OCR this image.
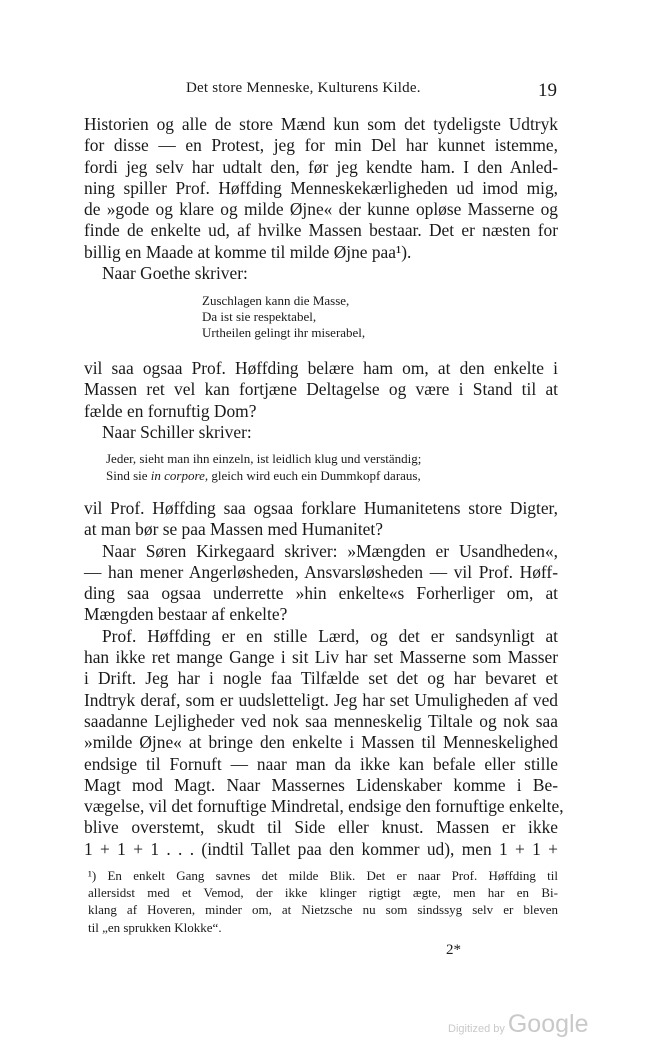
Det store Menneske, Kulturens Kilde.	19
Historien og alle de store Mænd kun som det tydeligste Udtryk
for disse — en Protest, jeg for min Del har kunnet istemme,
fordi jeg selv har udtalt den, før jeg kendte ham. I den Anled-
ning spiller Prof. Høffding Menneskekærligheden ud imod mig,
de »gode og klare og milde Øjne« der kunne opløse Masserne og
finde de enkelte ud, af hvilke Massen bestaar. Det er næsten for
billig en Maade at komme til milde Øjne paa¹).
Naar Goethe skriver:
Zuschlagen kann die Masse,
Da ist sie respektabel,
Urtheilen gelingt ihr miserabel,
vil saa ogsaa Prof. Høffding belære ham om, at den enkelte i
Massen ret vel kan fortjæne Deltagelse og være i Stand til at
fælde en fornuftig Dom?
Naar Schiller skriver:
Jeder, sieht man ihn einzeln, ist leidlich klug und verständig;
Sind sie in corpore, gleich wird euch ein Dummkopf daraus,
vil Prof. Høffding saa ogsaa forklare Humanitetens store Digter,
at man bør se paa Massen med Humanitet?
Naar Søren Kirkegaard skriver: »Mængden er Usandheden«,
— han mener Angerløsheden, Ansvarsløsheden — vil Prof. Høff-
ding saa ogsaa underrette »hin enkelte«s Forherliger om, at
Mængden bestaar af enkelte?
Prof. Høffding er en stille Lærd, og det er sandsynligt at
han ikke ret mange Gange i sit Liv har set Masserne som Masser
i Drift. Jeg har i nogle faa Tilfælde set det og har bevaret et
Indtryk deraf, som er uudsletteligt. Jeg har set Umuligheden af ved
saadanne Lejligheder ved nok saa menneskelig Tiltale og nok saa
»milde Øjne« at bringe den enkelte i Massen til Menneskelighed
endsige til Fornuft — naar man da ikke kan befale eller stille
Magt mod Magt. Naar Massernes Lidenskaber komme i Be-
vægelse, vil det fornuftige Mindretal, endsige den fornuftige enkelte,
blive overstemt, skudt til Side eller knust. Massen er ikke
1 + 1 + 1 . . . (indtil Tallet paa den kommer ud), men 1 + 1 +
¹) En enkelt Gang savnes det milde Blik. Det er naar Prof. Høffding til
allersidst med et Vemod, der ikke klinger rigtigt ægte, men har en Bi-
klang af Hoveren, minder om, at Nietzsche nu som sindssyg selv er bleven
til „en sprukken Klokke“.
2*
Digitized by Google
